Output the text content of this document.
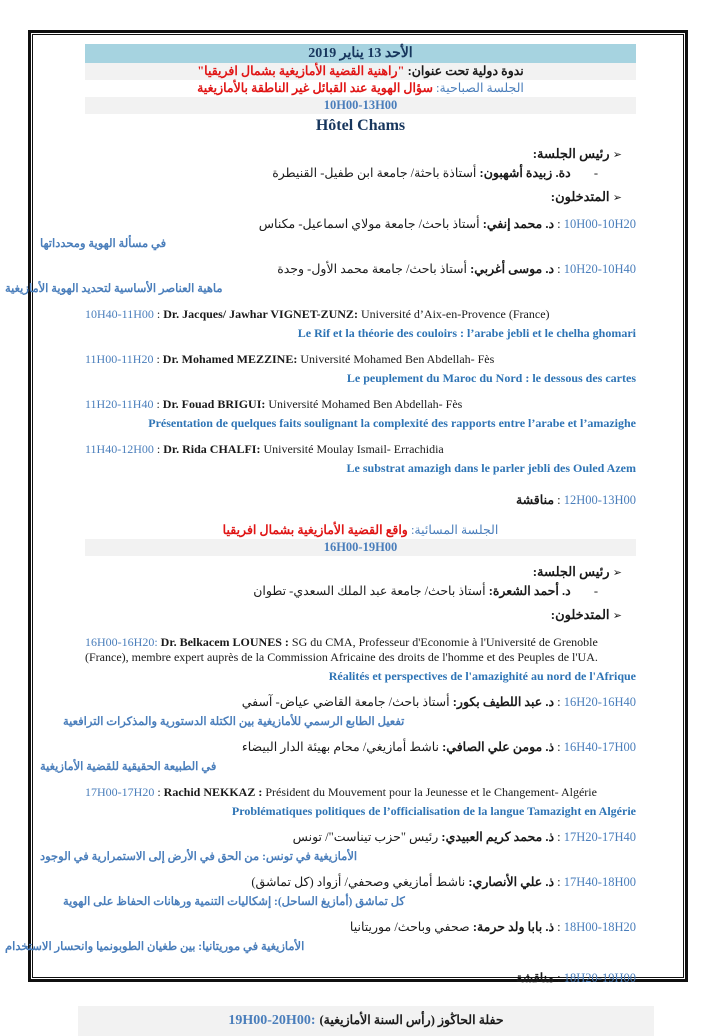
الأحد 13 يناير 2019
ندوة دولية تحت عنوان: "راهنية القضية الأمازيغية بشمال افريقيا"
الجلسة الصباحية: سؤال الهوية عند القبائل غير الناطقة بالأمازيغية
10H00-13H00
Hôtel Chams

➢ رئيس الجلسة:

- دة. زبيدة أشهبون: أستاذة باحثة/ جامعة ابن طفيل- القنيطرة

➢ المتدخلون:

10H00-10H20 : د. محمد إنفي: أستاذ باحث/ جامعة مولاي اسماعيل- مكناس

في مسألة الهوية ومحدداتها

10H20-10H40 : د. موسى أغربي: أستاذ باحث/ جامعة محمد الأول- وجدة

ماهية العناصر الأساسية لتحديد الهوية الأمازيغية

10H40-11H00 : Dr. Jacques/ Jawhar VIGNET-ZUNZ: Université d’Aix-en-Provence (France)

Le Rif et la théorie des couloirs : l’arabe jebli et le chelha ghomari

11H00-11H20 : Dr. Mohamed MEZZINE: Université Mohamed Ben Abdellah- Fès

Le peuplement du Maroc du Nord : le dessous des cartes

11H20-11H40 : Dr. Fouad BRIGUI: Université Mohamed Ben Abdellah- Fès

Présentation de quelques faits soulignant la complexité des rapports entre l’arabe et l’amazighe

11H40-12H00 : Dr. Rida CHALFI: Université Moulay Ismail- Errachidia

Le substrat amazigh dans le parler jebli des Ouled Azem

12H00-13H00 : مناقشة

الجلسة المسائية: واقع القضية الأمازيغية بشمال افريقيا

16H00-19H00

➢ رئيس الجلسة:

- د. أحمد الشعرة: أستاذ باحث/ جامعة عبد الملك السعدي- تطوان

➢ المتدخلون:

16H00-16H20: Dr. Belkacem LOUNES : SG du CMA, Professeur d'Economie à l'Université de Grenoble (France), membre expert auprès de la Commission Africaine des droits de l'homme et des Peuples de l'UA.

Réalités et perspectives de l'amazighité au nord de l'Afrique

16H20-16H40 : د. عبد اللطيف بكور: أستاذ باحث/ جامعة القاضي عياض- آسفي

تفعيل الطابع الرسمي للأمازيغية بين الكتلة الدستورية والمذكرات الترافعية

16H40-17H00 : ذ. مومن علي الصافي: ناشط أمازيغي/ محام بهيئة الدار البيضاء

في الطبيعة الحقيقية للقضية الأمازيغية

17H00-17H20 : Rachid NEKKAZ : Président du Mouvement pour la Jeunesse et le Changement- Algérie

Problématiques politiques de l’officialisation de la langue Tamazight en Algérie

17H20-17H40 : ذ. محمد كريم العبيدي: رئيس "حزب تيناست"/ تونس

الأمازيغية في تونس: من الحق في الأرض إلى الاستمرارية في الوجود

17H40-18H00 : ذ. علي الأنصاري: ناشط أمازيغي وصحفي/ أزواد (كل تماشق)

كل تماشق (أمازيغ الساحل): إشكاليات التنمية ورهانات الحفاظ على الهوية

18H00-18H20 : ذ. بابا ولد حرمة: صحفي وباحث/ موريتانيا

الأمازيغية في موريتانيا: بين طغيان الطوبونميا وانحسار الاستخدام

18H20-19H00 : مناقشة

19H00-20H00: حفلة الحاڭوز (رأس السنة الأمازيغية)
